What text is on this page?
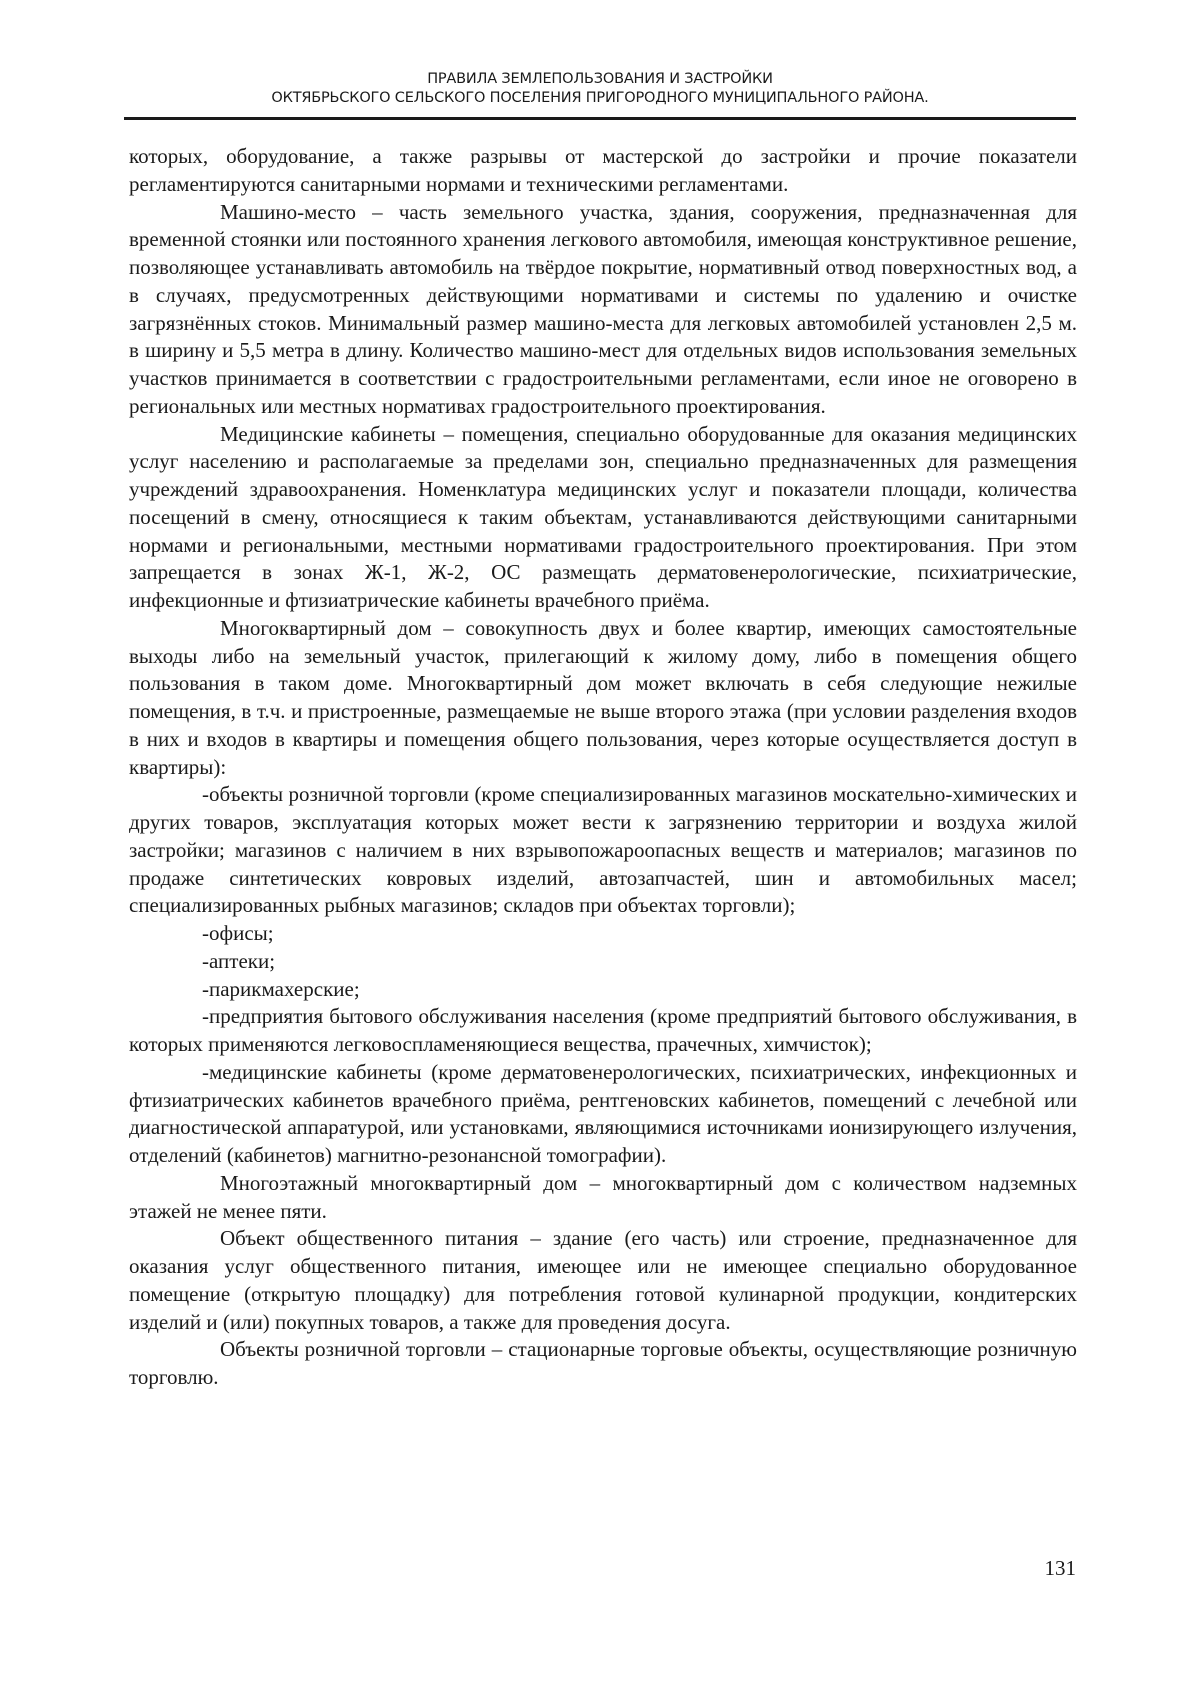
ПРАВИЛА ЗЕМЛЕПОЛЬЗОВАНИЯ И ЗАСТРОЙКИ
ОКТЯБРЬСКОГО СЕЛЬСКОГО ПОСЕЛЕНИЯ ПРИГОРОДНОГО МУНИЦИПАЛЬНОГО РАЙОНА.

которых, оборудование, а также разрывы от мастерской до застройки и прочие показатели регламентируются санитарными нормами и техническими регламентами.

Машино-место – часть земельного участка, здания, сооружения, предназначенная для временной стоянки или постоянного хранения легкового автомобиля, имеющая конструктивное решение, позволяющее устанавливать автомобиль на твёрдое покрытие, нормативный отвод поверхностных вод, а в случаях, предусмотренных действующими нормативами и системы по удалению и очистке загрязнённых стоков. Минимальный размер машино-места для легковых автомобилей установлен 2,5 м. в ширину и 5,5 метра в длину. Количество машино-мест для отдельных видов использования земельных участков принимается в соответствии с градостроительными регламентами, если иное не оговорено в региональных или местных нормативах градостроительного проектирования.

Медицинские кабинеты – помещения, специально оборудованные для оказания медицинских услуг населению и располагаемые за пределами зон, специально предназначенных для размещения учреждений здравоохранения. Номенклатура медицинских услуг и показатели площади, количества посещений в смену, относящиеся к таким объектам, устанавливаются действующими санитарными нормами и региональными, местными нормативами градостроительного проектирования. При этом запрещается в зонах Ж-1, Ж-2, ОС размещать дерматовенерологические, психиатрические, инфекционные и фтизиатрические кабинеты врачебного приёма.

Многоквартирный дом – совокупность двух и более квартир, имеющих самостоятельные выходы либо на земельный участок, прилегающий к жилому дому, либо в помещения общего пользования в таком доме. Многоквартирный дом может включать в себя следующие нежилые помещения, в т.ч. и пристроенные, размещаемые не выше второго этажа (при условии разделения входов в них и входов в квартиры и помещения общего пользования, через которые осуществляется доступ в квартиры):

-объекты розничной торговли (кроме специализированных магазинов москательно-химических и других товаров, эксплуатация которых может вести к загрязнению территории и воздуха жилой застройки; магазинов с наличием в них взрывопожароопасных веществ и материалов; магазинов по продаже синтетических ковровых изделий, автозапчастей, шин и автомобильных масел; специализированных рыбных магазинов; складов при объектах торговли);

-офисы;

-аптеки;

-парикмахерские;

-предприятия бытового обслуживания населения (кроме предприятий бытового обслуживания, в которых применяются легковоспламеняющиеся вещества, прачечных, химчисток);

-медицинские кабинеты (кроме дерматовенерологических, психиатрических, инфекционных и фтизиатрических кабинетов врачебного приёма, рентгеновских кабинетов, помещений с лечебной или диагностической аппаратурой, или установками, являющимися источниками ионизирующего излучения, отделений (кабинетов) магнитно-резонансной томографии).

Многоэтажный многоквартирный дом – многоквартирный дом с количеством надземных этажей не менее пяти.

Объект общественного питания – здание (его часть) или строение, предназначенное для оказания услуг общественного питания, имеющее или не имеющее специально оборудованное помещение (открытую площадку) для потребления готовой кулинарной продукции, кондитерских изделий и (или) покупных товаров, а также для проведения досуга.

Объекты розничной торговли – стационарные торговые объекты, осуществляющие розничную торговлю.

131
